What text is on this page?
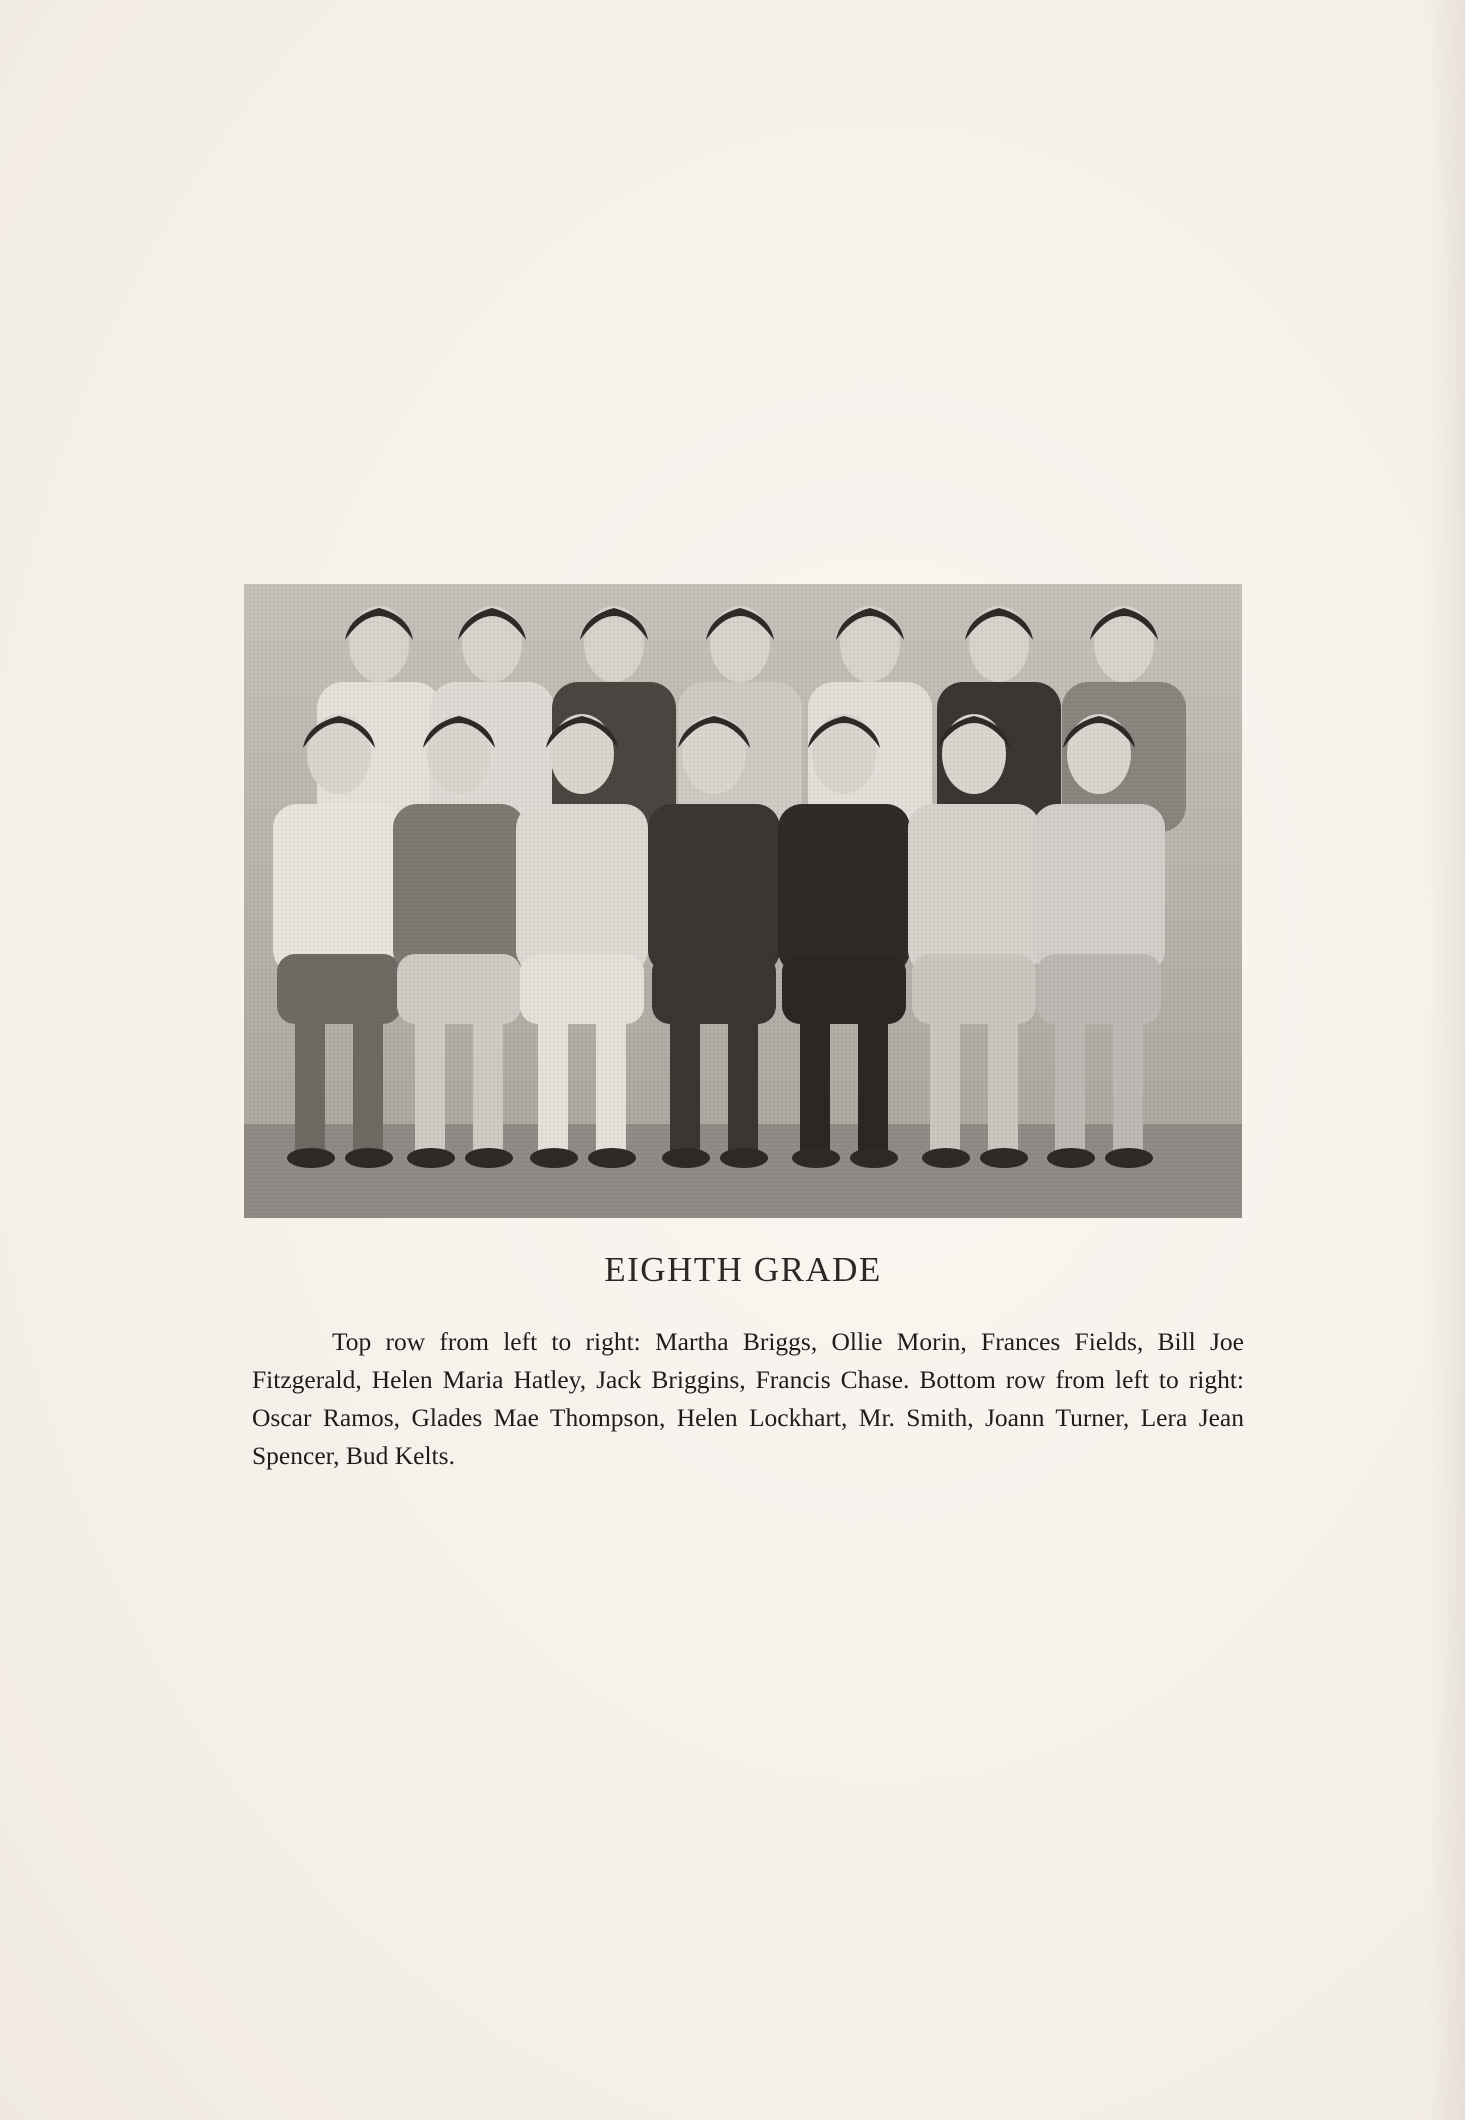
EIGHTH GRADE
Top row from left to right: Martha Briggs, Ollie Morin, Frances Fields, Bill Joe Fitzgerald, Helen Maria Hatley, Jack Briggins, Francis Chase. Bottom row from left to right: Oscar Ramos, Glades Mae Thompson, Helen Lockhart, Mr. Smith, Joann Turner, Lera Jean Spencer, Bud Kelts.
